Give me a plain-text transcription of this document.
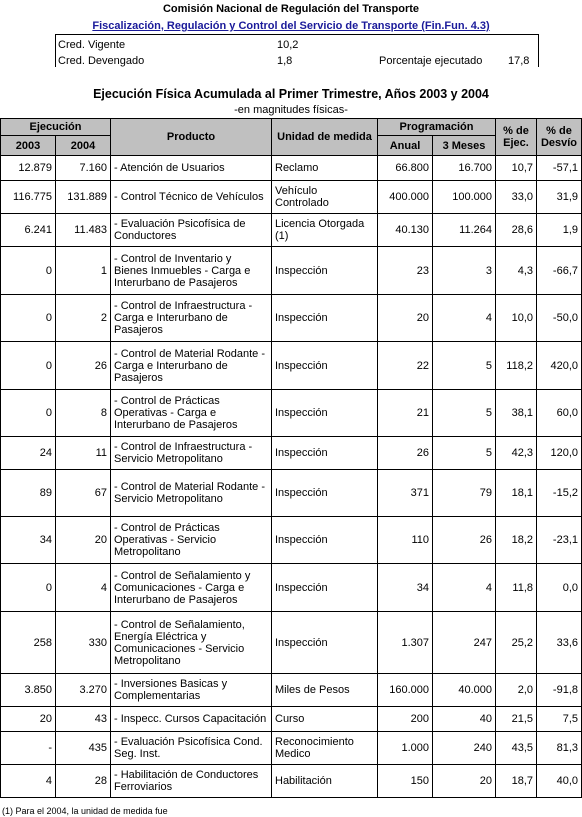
Comisión Nacional de Regulación del Transporte
Fiscalización, Regulación y Control del Servicio de Transporte (Fin.Fun. 4.3)
Cred. Vigente	10,2
Cred. Devengado	1,8	Porcentaje ejecutado 17,8
Ejecución Física Acumulada al Primer Trimestre, Años 2003 y 2004
-en magnitudes físicas-
Ejecución		Producto	Unidad de medida	Programación		% de Ejec.	% de Desvío
2003	2004			Anual	3 Meses		
12.879	7.160	- Atención de Usuarios	Reclamo	66.800	16.700	10,7	-57,1
116.775	131.889	- Control Técnico de Vehículos	Vehículo Controlado	400.000	100.000	33,0	31,9
6.241	11.483	- Evaluación Psicofísica de Conductores	Licencia Otorgada (1)	40.130	11.264	28,6	1,9
0	1	- Control de Inventario y Bienes Inmuebles - Carga e Interurbano de Pasajeros	Inspección	23	3	4,3	-66,7
0	2	- Control de Infraestructura - Carga e Interurbano de Pasajeros	Inspección	20	4	10,0	-50,0
0	26	- Control de Material Rodante - Carga e Interurbano de Pasajeros	Inspección	22	5	118,2	420,0
0	8	- Control de Prácticas Operativas - Carga e Interurbano de Pasajeros	Inspección	21	5	38,1	60,0
24	11	- Control de Infraestructura - Servicio Metropolitano	Inspección	26	5	42,3	120,0
89	67	- Control de Material Rodante - Servicio Metropolitano	Inspección	371	79	18,1	-15,2
34	20	- Control de Prácticas Operativas - Servicio Metropolitano	Inspección	110	26	18,2	-23,1
0	4	- Control de Señalamiento y Comunicaciones - Carga e Interurbano de Pasajeros	Inspección	34	4	11,8	0,0
258	330	- Control de Señalamiento, Energía Eléctrica y Comunicaciones - Servicio Metropolitano	Inspección	1.307	247	25,2	33,6
3.850	3.270	- Inversiones Basicas y Complementarias	Miles de Pesos	160.000	40.000	2,0	-91,8
20	43	- Inspecc. Cursos Capacitación	Curso	200	40	21,5	7,5
-	435	- Evaluación Psicofísica Cond. Seg. Inst.	Reconocimiento Medico	1.000	240	43,5	81,3
4	28	- Habilitación de Conductores Ferroviarios	Habilitación	150	20	18,7	40,0
(1) Para el 2004, la unidad de medida fue
